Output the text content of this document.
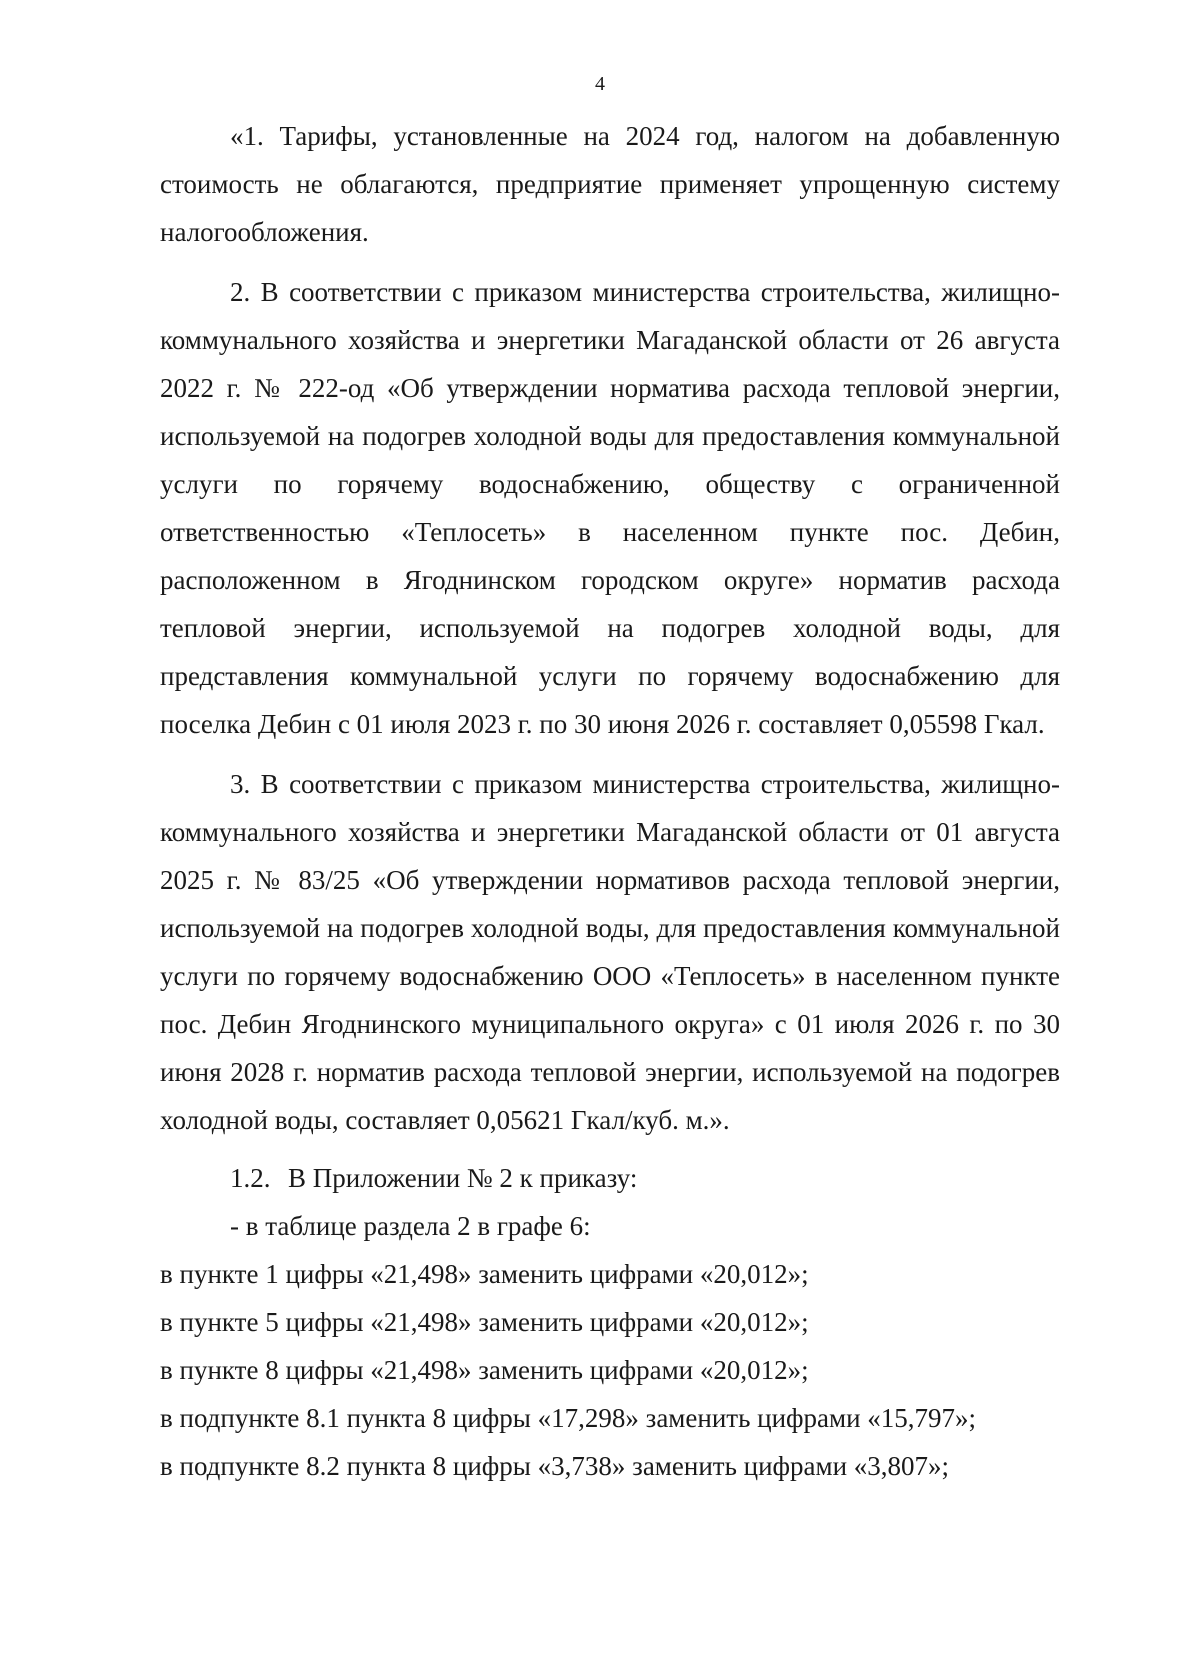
4

«1. Тарифы, установленные на 2024 год, налогом на добавленную стоимость не облагаются, предприятие применяет упрощенную систему налогообложения.

2. В соответствии с приказом министерства строительства, жилищно-коммунального хозяйства и энергетики Магаданской области от 26 августа 2022 г. № 222-од «Об утверждении норматива расхода тепловой энергии, используемой на подогрев холодной воды для предоставления коммунальной услуги по горячему водоснабжению, обществу с ограниченной ответственностью «Теплосеть» в населенном пункте пос. Дебин, расположенном в Ягоднинском городском округе» норматив расхода тепловой энергии, используемой на подогрев холодной воды, для представления коммунальной услуги по горячему водоснабжению для поселка Дебин с 01 июля 2023 г. по 30 июня 2026 г. составляет 0,05598 Гкал.

3. В соответствии с приказом министерства строительства, жилищно-коммунального хозяйства и энергетики Магаданской области от 01 августа 2025 г. № 83/25 «Об утверждении нормативов расхода тепловой энергии, используемой на подогрев холодной воды, для предоставления коммунальной услуги по горячему водоснабжению ООО «Теплосеть» в населенном пункте пос. Дебин Ягоднинского муниципального округа» с 01 июля 2026 г. по 30 июня 2028 г. норматив расхода тепловой энергии, используемой на подогрев холодной воды, составляет 0,05621 Гкал/куб. м.».

1.2. В Приложении № 2 к приказу:
- в таблице раздела 2 в графе 6:
в пункте 1 цифры «21,498» заменить цифрами «20,012»;
в пункте 5 цифры «21,498» заменить цифрами «20,012»;
в пункте 8 цифры «21,498» заменить цифрами «20,012»;
в подпункте 8.1 пункта 8 цифры «17,298» заменить цифрами «15,797»;
в подпункте 8.2 пункта 8 цифры «3,738» заменить цифрами «3,807»;
